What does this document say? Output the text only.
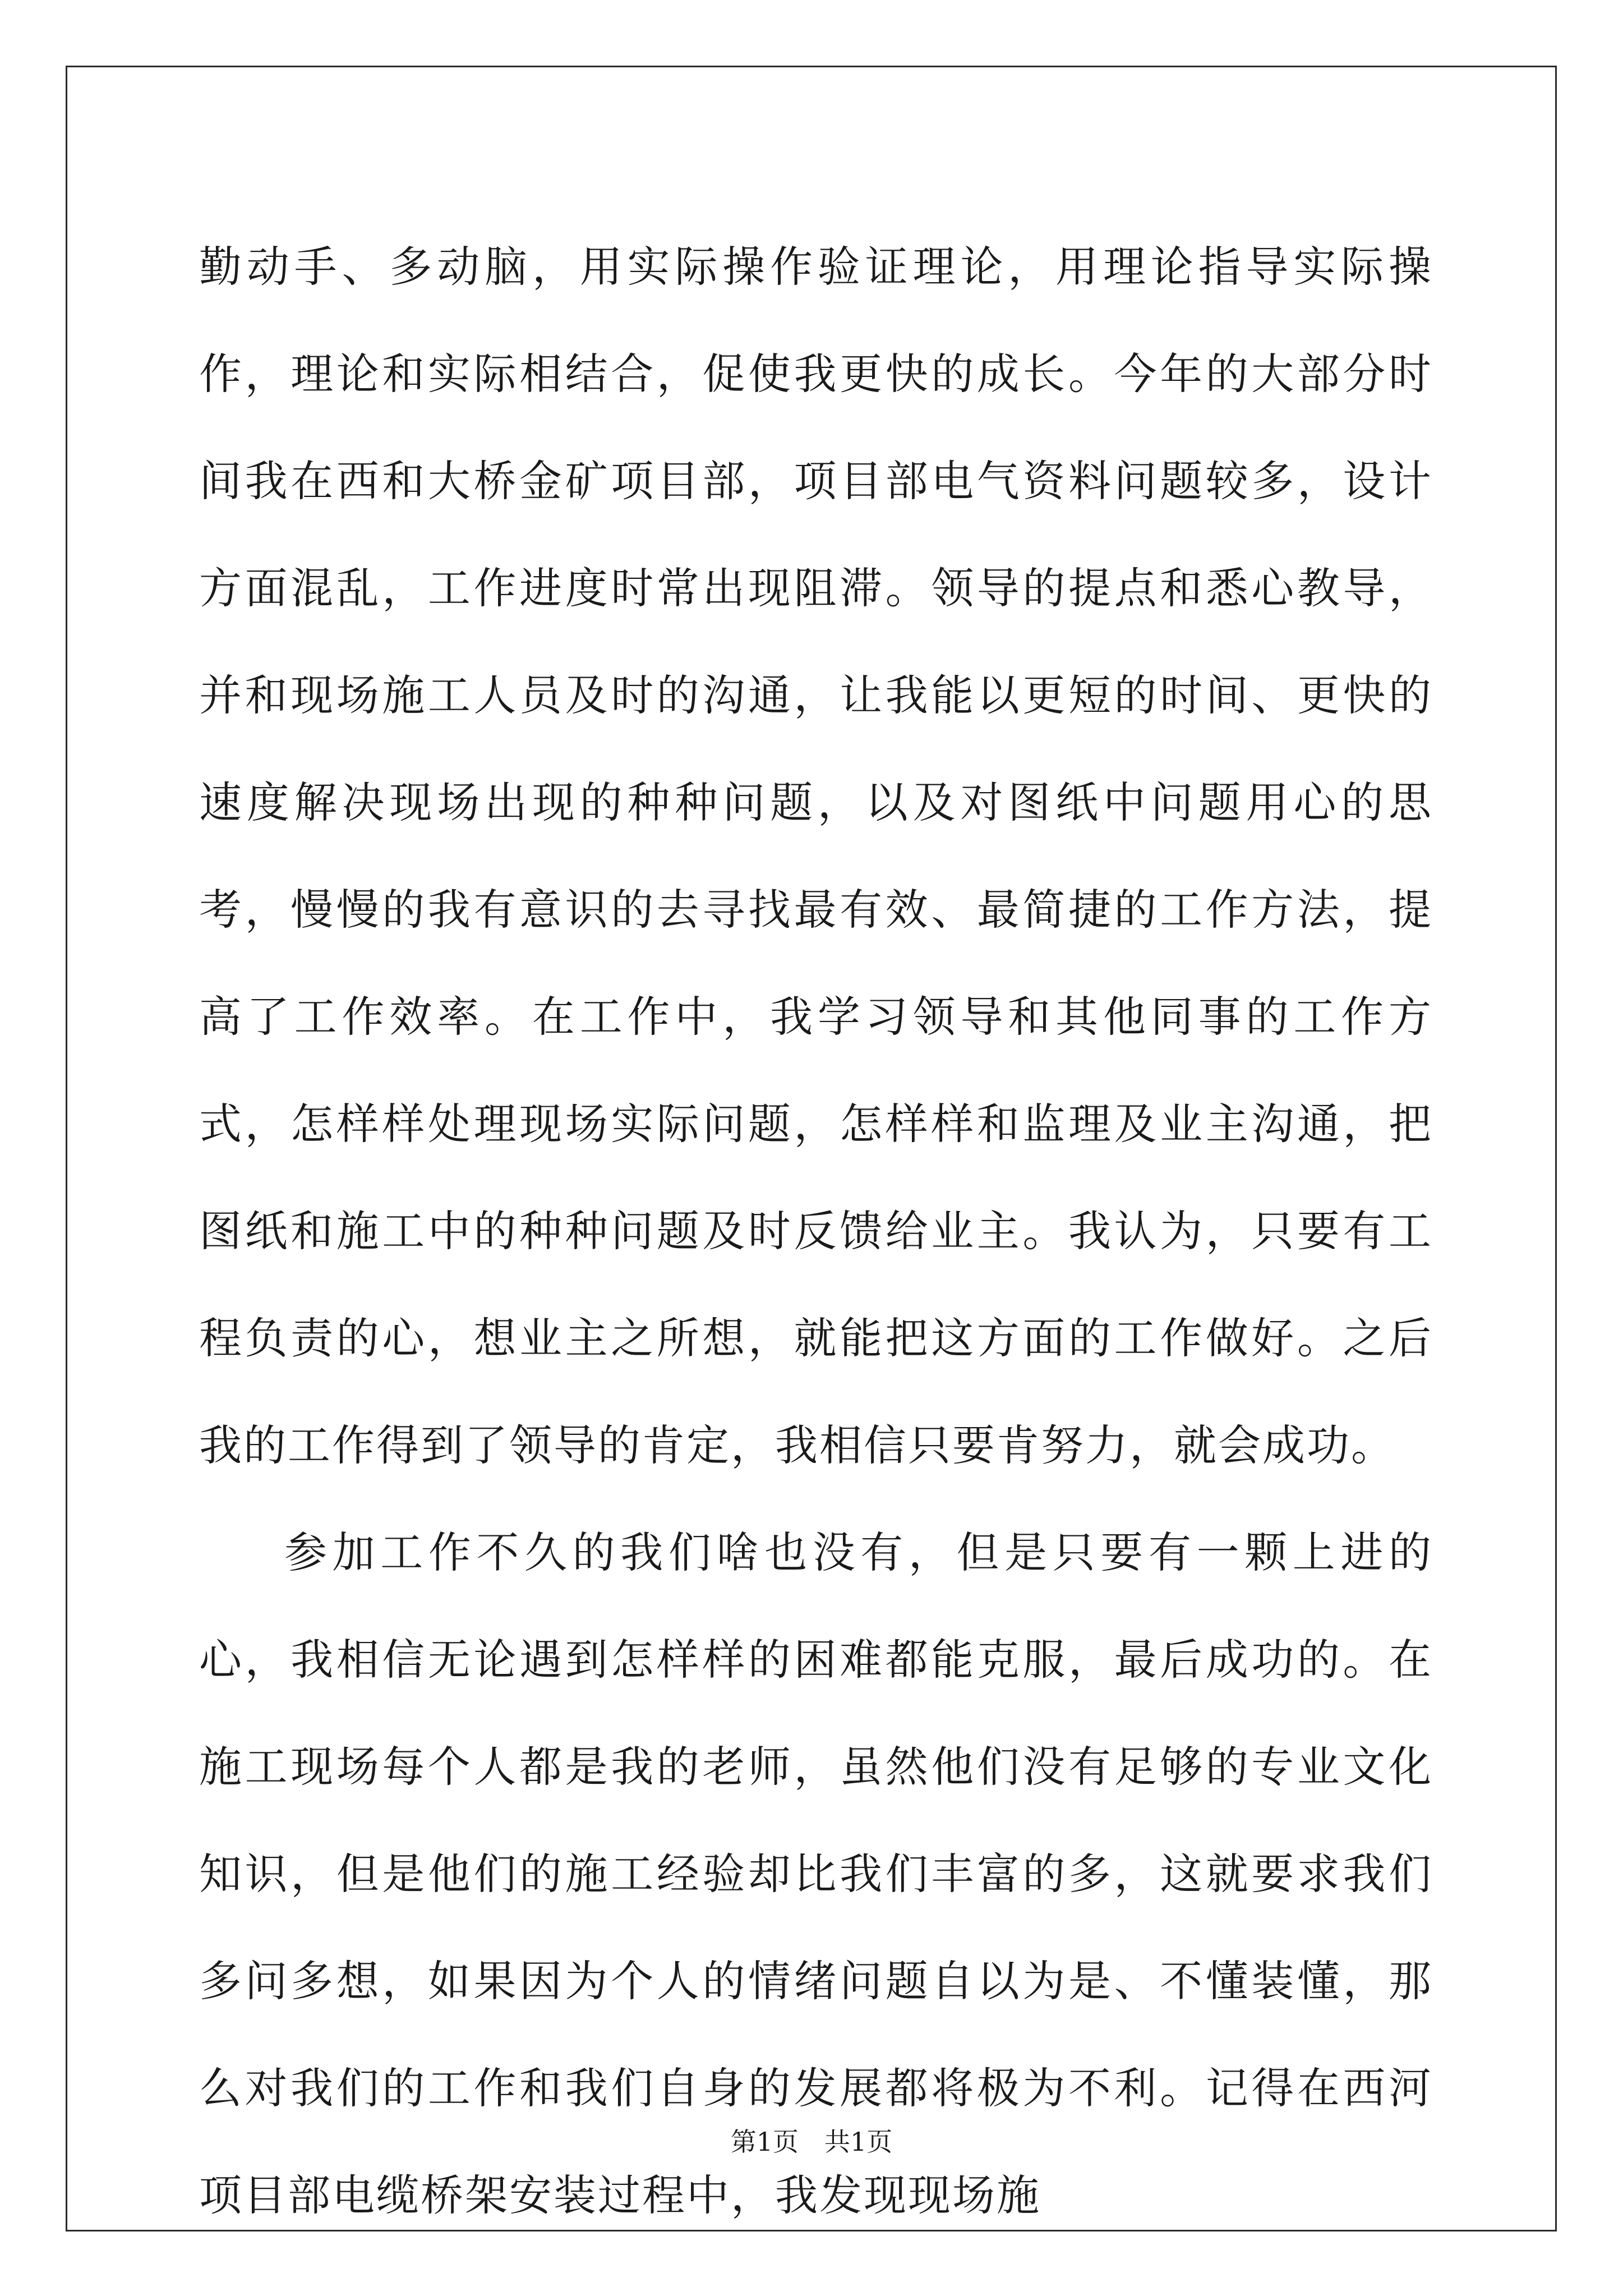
勤动手、多动脑，用实际操作验证理论，用理论指导实际操作，理论和实际相结合，促使我更快的成长。今年的大部分时间我在西和大桥金矿项目部，项目部电气资料问题较多，设计方面混乱，工作进度时常出现阻滞。领导的提点和悉心教导，并和现场施工人员及时的沟通，让我能以更短的时间、更快的速度解决现场出现的种种问题，以及对图纸中问题用心的思考，慢慢的我有意识的去寻找最有效、最简捷的工作方法，提高了工作效率。在工作中，我学习领导和其他同事的工作方式，怎样样处理现场实际问题，怎样样和监理及业主沟通，把图纸和施工中的种种问题及时反馈给业主。我认为，只要有工程负责的心，想业主之所想，就能把这方面的工作做好。之后我的工作得到了领导的肯定，我相信只要肯努力，就会成功。

参加工作不久的我们啥也没有，但是只要有一颗上进的心，我相信无论遇到怎样样的困难都能克服，最后成功的。在施工现场每个人都是我的老师，虽然他们没有足够的专业文化知识，但是他们的施工经验却比我们丰富的多，这就要求我们多问多想，如果因为个人的情绪问题自以为是、不懂装懂，那么对我们的工作和我们自身的发展都将极为不利。记得在西河项目部电缆桥架安装过程中，我发现现场施

第1页　共1页
